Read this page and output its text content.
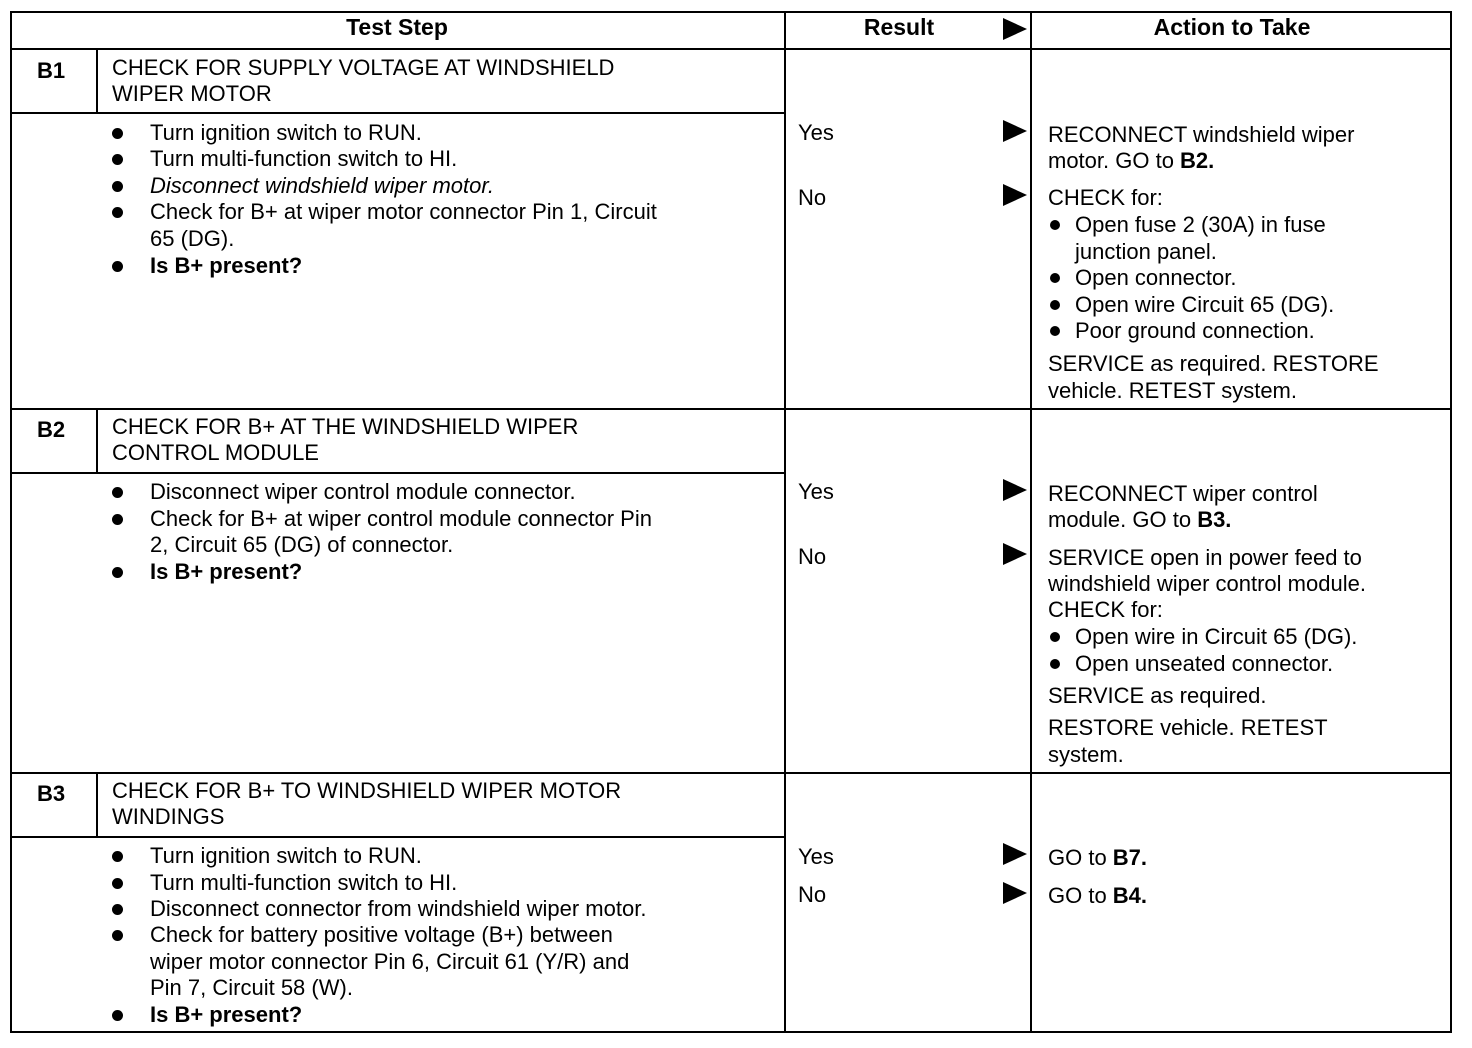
Test Step	Result	Action to Take
B1 CHECK FOR SUPPLY VOLTAGE AT WINDSHIELD
WIPER MOTOR
Turn ignition switch to RUN.
Turn multi-function switch to HI.
Disconnect windshield wiper motor.
Check for B+ at wiper motor connector Pin 1, Circuit
65 (DG).
Is B+ present?
Yes
No
RECONNECT windshield wiper
motor. GO to B2.
CHECK for:
Open fuse 2 (30A) in fuse
junction panel.
Open connector.
Open wire Circuit 65 (DG).
Poor ground connection.
SERVICE as required. RESTORE
vehicle. RETEST system.
B2 CHECK FOR B+ AT THE WINDSHIELD WIPER
CONTROL MODULE
Disconnect wiper control module connector.
Check for B+ at wiper control module connector Pin
2, Circuit 65 (DG) of connector.
Is B+ present?
Yes
No
RECONNECT wiper control
module. GO to B3.
SERVICE open in power feed to
windshield wiper control module.
CHECK for:
Open wire in Circuit 65 (DG).
Open unseated connector.
SERVICE as required.
RESTORE vehicle. RETEST
system.
B3 CHECK FOR B+ TO WINDSHIELD WIPER MOTOR
WINDINGS
Turn ignition switch to RUN.
Turn multi-function switch to HI.
Disconnect connector from windshield wiper motor.
Check for battery positive voltage (B+) between
wiper motor connector Pin 6, Circuit 61 (Y/R) and
Pin 7, Circuit 58 (W).
Is B+ present?
Yes
No
GO to B7.
GO to B4.
